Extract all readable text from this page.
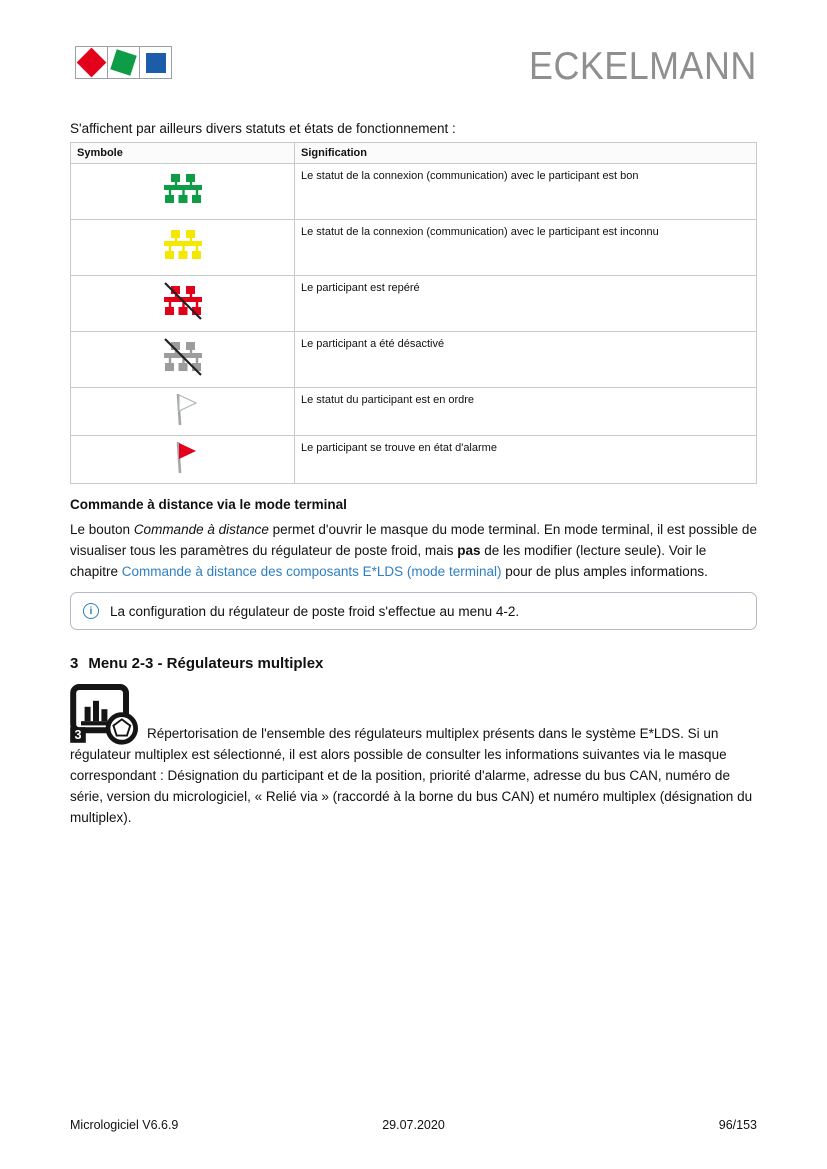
ECKELMANN

S'affichent par ailleurs divers statuts et états de fonctionnement :

Symbole	Signification
	Le statut de la connexion (communication) avec le participant est bon
	Le statut de la connexion (communication) avec le participant est inconnu
	Le participant est repéré
	Le participant a été désactivé
	Le statut du participant est en ordre
	Le participant se trouve en état d'alarme
Commande à distance via le mode terminal

Le bouton Commande à distance permet d'ouvrir le masque du mode terminal. En mode terminal, il est possible de visualiser tous les paramètres du régulateur de poste froid, mais pas de les modifier (lecture seule). Voir le chapitre Commande à distance des composants E*LDS (mode terminal) pour de plus amples informations.

i	La configuration du régulateur de poste froid s'effectue au menu 4-2.
3 Menu 2-3 - Régulateurs multiplex

3	Répertorisation de l'ensemble des régulateurs multiplex présents dans le système E*LDS. Si un régulateur multiplex est sélectionné, il est alors possible de consulter les informations suivantes via le masque correspondant : Désignation du participant et de la position, priorité d'alarme, adresse du bus CAN, numéro de série, version du micrologiciel, « Relié via » (raccordé à la borne du bus CAN) et numéro multiplex (désignation du multiplex).

Micrologiciel V6.6.9	29.07.2020	96/153
